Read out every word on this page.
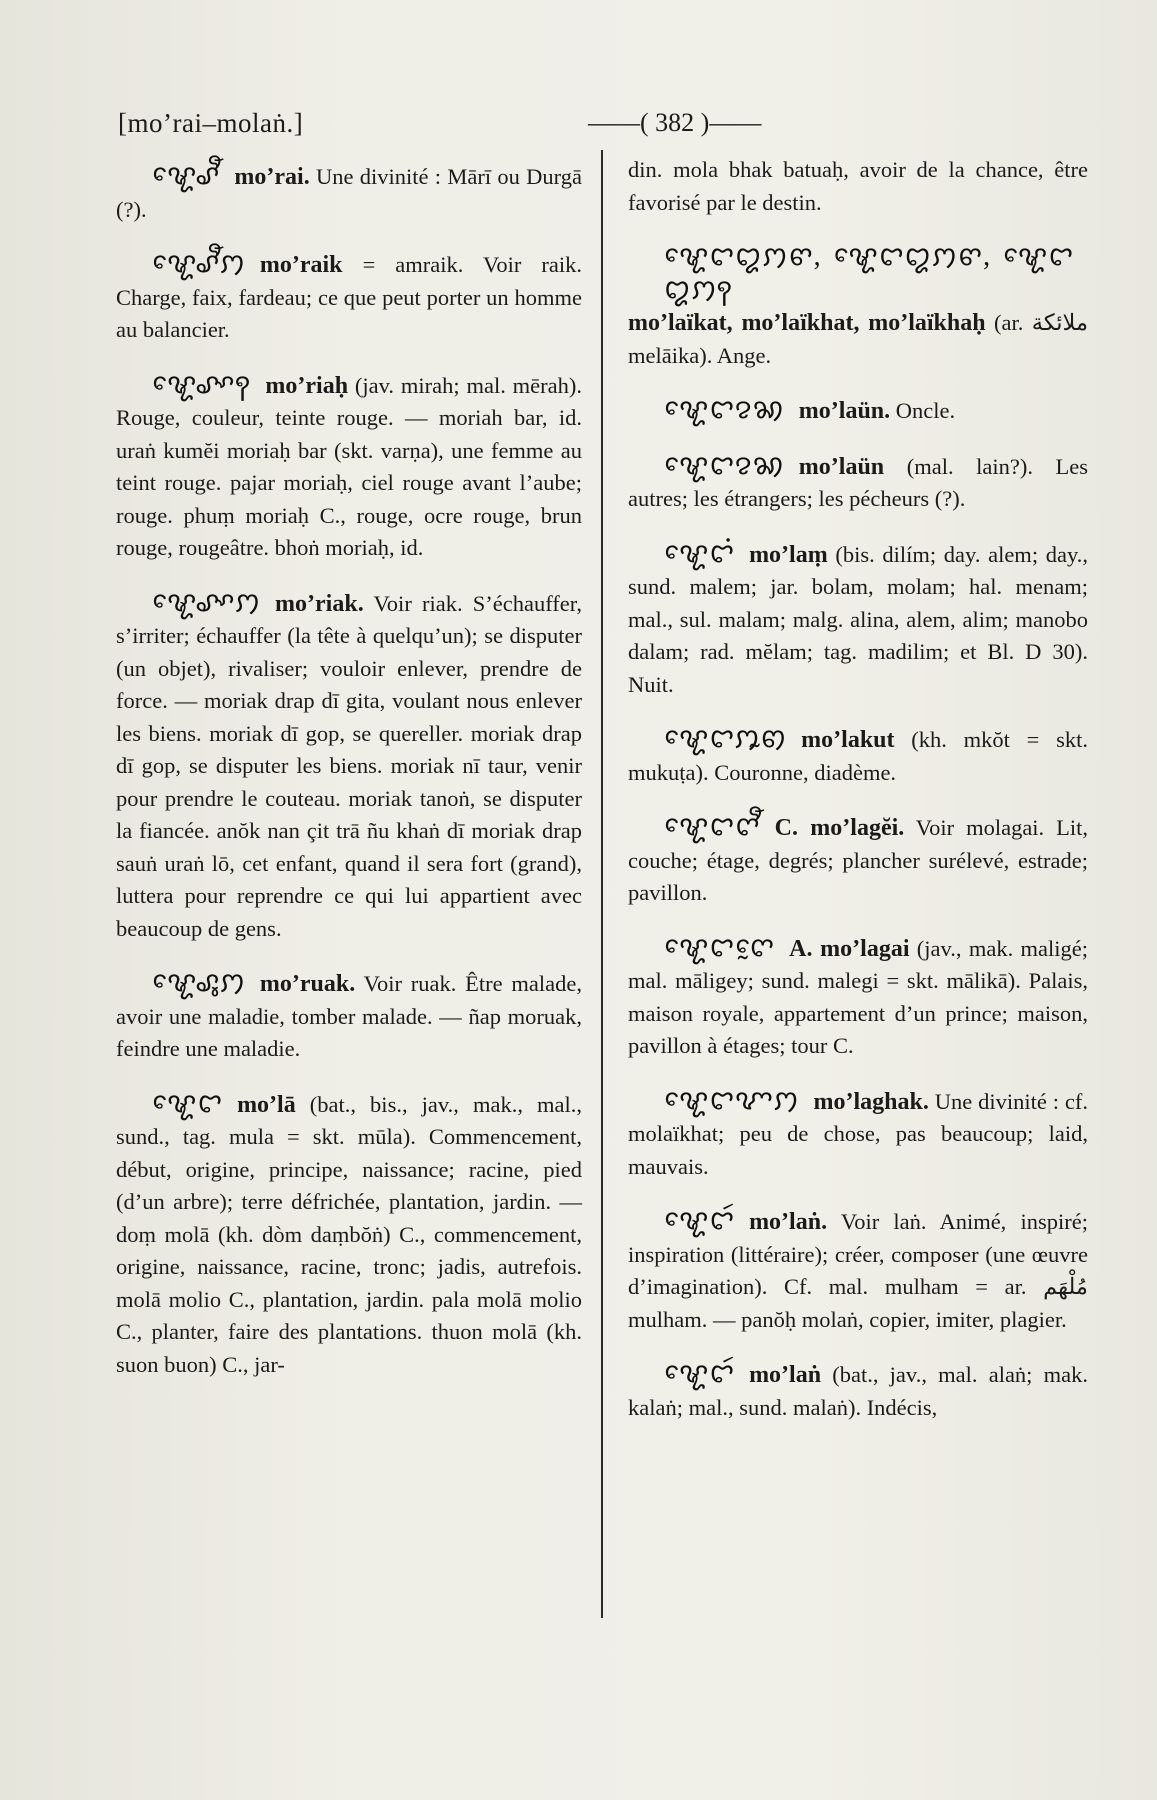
[mo’rai–molaṅ.]	——( 382 )——

ꨠꨯꨣꨬ mo’rai. Une divinité : Mārī ou Durgā (?).

ꨠꨯꨣꨬꩀ mo’raik = amraik. Voir raik. Charge, faix, fardeau; ce que peut porter un homme au balancier.

ꨠꨯꨣꨳꩍ mo’riaḥ (jav. mirah; mal. mērah). Rouge, couleur, teinte rouge. — moriah bar, id. uraṅ kumĕi moriaḥ bar (skt. varṇa), une femme au teint rouge. pajar moriaḥ, ciel rouge avant l’aube; rouge. phuṃ moriaḥ C., rouge, ocre rouge, brun rouge, rougeâtre. bhoṅ moriaḥ, id.

ꨠꨯꨣꨳꩀ mo’riak. Voir riak. S’échauffer, s’irriter; échauffer (la tête à quelqu’un); se disputer (un objet), rivaliser; vouloir enlever, prendre de force. — moriak drap dī gita, voulant nous enlever les biens. moriak dī gop, se quereller. moriak drap dī gop, se disputer les biens. moriak nī taur, venir pour prendre le couteau. moriak tanoṅ, se disputer la fiancée. anŏk nan çit trā ñu khaṅ dī moriak drap sauṅ uraṅ lō, cet enfant, quand il sera fort (grand), luttera pour reprendre ce qui lui appartient avec beaucoup de gens.

ꨠꨯꨣꨶꩀ mo’ruak. Voir ruak. Être malade, avoir une maladie, tomber malade. — ñap moruak, feindre une maladie.

ꨠꨯꨤ mo’lā (bat., bis., jav., mak., mal., sund., tag. mula = skt. mūla). Commencement, début, origine, principe, naissance; racine, pied (d’un arbre); terre défrichée, plantation, jardin. — doṃ molā (kh. dòm daṃbŏṅ) C., commencement, origine, naissance, racine, tronc; jadis, autrefois. molā molio C., plantation, jardin. pala molā molio C., planter, faire des plantations. thuon molā (kh. suon buon) C., jar-

din. mola bhak batuaḥ, avoir de la chance, être favorisé par le destin.

ꨠꨯꨤꨁꩀꨓ, ꨠꨯꨤꨁꩀꨓ, ꨠꨯꨤꨁꩀꩍmo’laïkat, mo’laïkhat, mo’laïkhaḥ (ar. ملائكة melāika). Ange.

ꨠꨯꨤꨂꩆ mo’laün. Oncle.

ꨠꨯꨤꨂꩆ mo’laün (mal. lain?). Les autres; les étrangers; les pécheurs (?).

ꨠꨯꨤꩌ mo’laṃ (bis. dilím; day. alem; day., sund. malem; jar. bolam, molam; hal. menam; mal., sul. malam; malg. alina, alem, alim; manobo dalam; rad. mĕlam; tag. madilim; et Bl. D 30). Nuit.

ꨠꨯꨤꩀꨭꩅ mo’lakut (kh. mkŏt = skt. mukuṭa). Couronne, diadème.

ꨠꨯꨤꨈꨬ C. mo’lagĕi. Voir molagai. Lit, couche; étage, degrés; plancher surélevé, estrade; pavillon.

ꨠꨯꨤꨈꨰ A. mo’lagai (jav., mak. maligé; mal. māligey; sund. malegi = skt. mālikā). Palais, maison royale, appartement d’un prince; maison, pavillon à étages; tour C.

ꨠꨯꨤꨉꩀ mo’laghak. Une divinité : cf. molaïkhat; peu de chose, pas beaucoup; laid, mauvais.

ꨠꨯꨤꩃ mo’laṅ. Voir laṅ. Animé, inspiré; inspiration (littéraire); créer, composer (une œuvre d’imagination). Cf. mal. mulham = ar. مُلْهَم mulham. — panŏḥ molaṅ, copier, imiter, plagier.

ꨠꨯꨤꩃ mo’laṅ (bat., jav., mal. alaṅ; mak. kalaṅ; mal., sund. malaṅ). Indécis,
